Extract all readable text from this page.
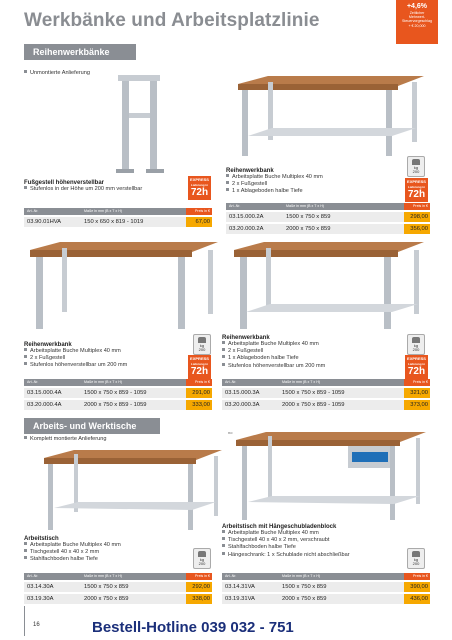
Werkbänke und Arbeitsplatzlinie
+4,6%
Zeitlicher
Mehrwert-
Steuervorgeschlag
+ € 20,000
Reihenwerkbänke
Unmontierte Anlieferung
Fußgestell höhenverstellbar
Stufenlos in der Höhe um 200 mm verstellbar
EXPRESS
Lieferung in
72h
Art.-Nr.	Maße in mm (B x T x H)	Preis in €
03.90.01HVA	150 x 650 x 819 - 1019	67,00
Reihenwerkbank
Arbeitsplatte Buche Multiplex 40 mm
2 x Fußgestell
1 x Ablageboden halbe Tiefe
kg
200
EXPRESS
Lieferung in
72h
Art.-Nr.	Maße in mm (B x T x H)	Preis in €
03.15.000.2A	1500 x 750 x 859	298,00
03.20.000.2A	2000 x 750 x 859	356,00
Reihenwerkbank
Arbeitsplatte Buche Multiplex 40 mm
2 x Fußgestell
Stufenlos höhenverstellbar um 200 mm
kg
200
EXPRESS
Lieferung in
72h
Art.-Nr.	Maße in mm (B x T x H)	Preis in €
03.15.000.4A	1500 x 750 x 859 - 1059	291,00
03.20.000.4A	2000 x 750 x 859 - 1059	333,00
Reihenwerkbank
Arbeitsplatte Buche Multiplex 40 mm
2 x Fußgestell
1 x Ablageboden halbe Tiefe
Stufenlos höhenverstellbar um 200 mm
kg
200
EXPRESS
Lieferung in
72h
Art.-Nr.	Maße in mm (B x T x H)	Preis in €
03.15.000.3A	1500 x 750 x 859 - 1059	321,00
03.20.000.3A	2000 x 750 x 859 - 1059	373,00
Arbeits- und Werktische
Komplett montierte Anlieferung
no
Arbeitstisch
Arbeitsplatte Buche Multiplex 40 mm
Tischgestell 40 x 40 x 2 mm
Stahlfachboden halbe Tiefe	kg
200
Art.-Nr.	Maße in mm (B x T x H)	Preis in €
03.14.30A	1500 x 750 x 859	292,00
03.19.30A	2000 x 750 x 859	338,00
Arbeitstisch mit Hängeschubladenblock
Arbeitsplatte Buche Multiplex 40 mm
Tischgestell 40 x 40 x 2 mm, verschraubt
Stahlfachboden halbe Tiefe
Hängeschrank: 1 x Schublade nicht abschließbar
kg
200
Art.-Nr.	Maße in mm (B x T x H)	Preis in €
03.14.31VA	1500 x 750 x 859	390,00
03.19.31VA	2000 x 750 x 859	436,00
16	Bestell-Hotline 039 032 - 751
